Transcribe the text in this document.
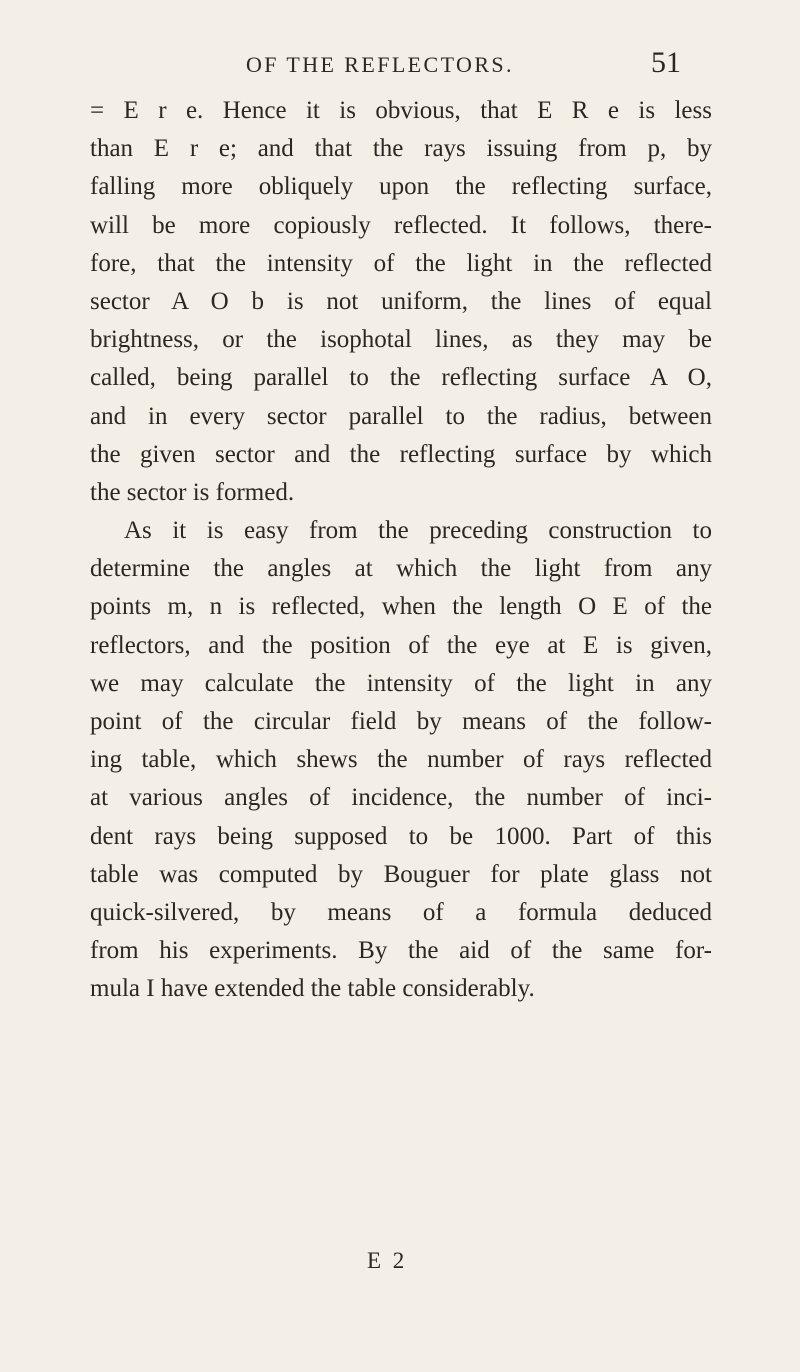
OF THE REFLECTORS.	51
= E r e. Hence it is obvious, that E R e is less
than E r e; and that the rays issuing from p, by
falling more obliquely upon the reflecting surface,
will be more copiously reflected. It follows, there-
fore, that the intensity of the light in the reflected
sector A O b is not uniform, the lines of equal
brightness, or the isophotal lines, as they may be
called, being parallel to the reflecting surface A O,
and in every sector parallel to the radius, between
the given sector and the reflecting surface by which
the sector is formed.
As it is easy from the preceding construction to
determine the angles at which the light from any
points m, n is reflected, when the length O E of the
reflectors, and the position of the eye at E is given,
we may calculate the intensity of the light in any
point of the circular field by means of the follow-
ing table, which shews the number of rays reflected
at various angles of incidence, the number of inci-
dent rays being supposed to be 1000. Part of this
table was computed by Bouguer for plate glass not
quick-silvered, by means of a formula deduced
from his experiments. By the aid of the same for-
mula I have extended the table considerably.
E 2
